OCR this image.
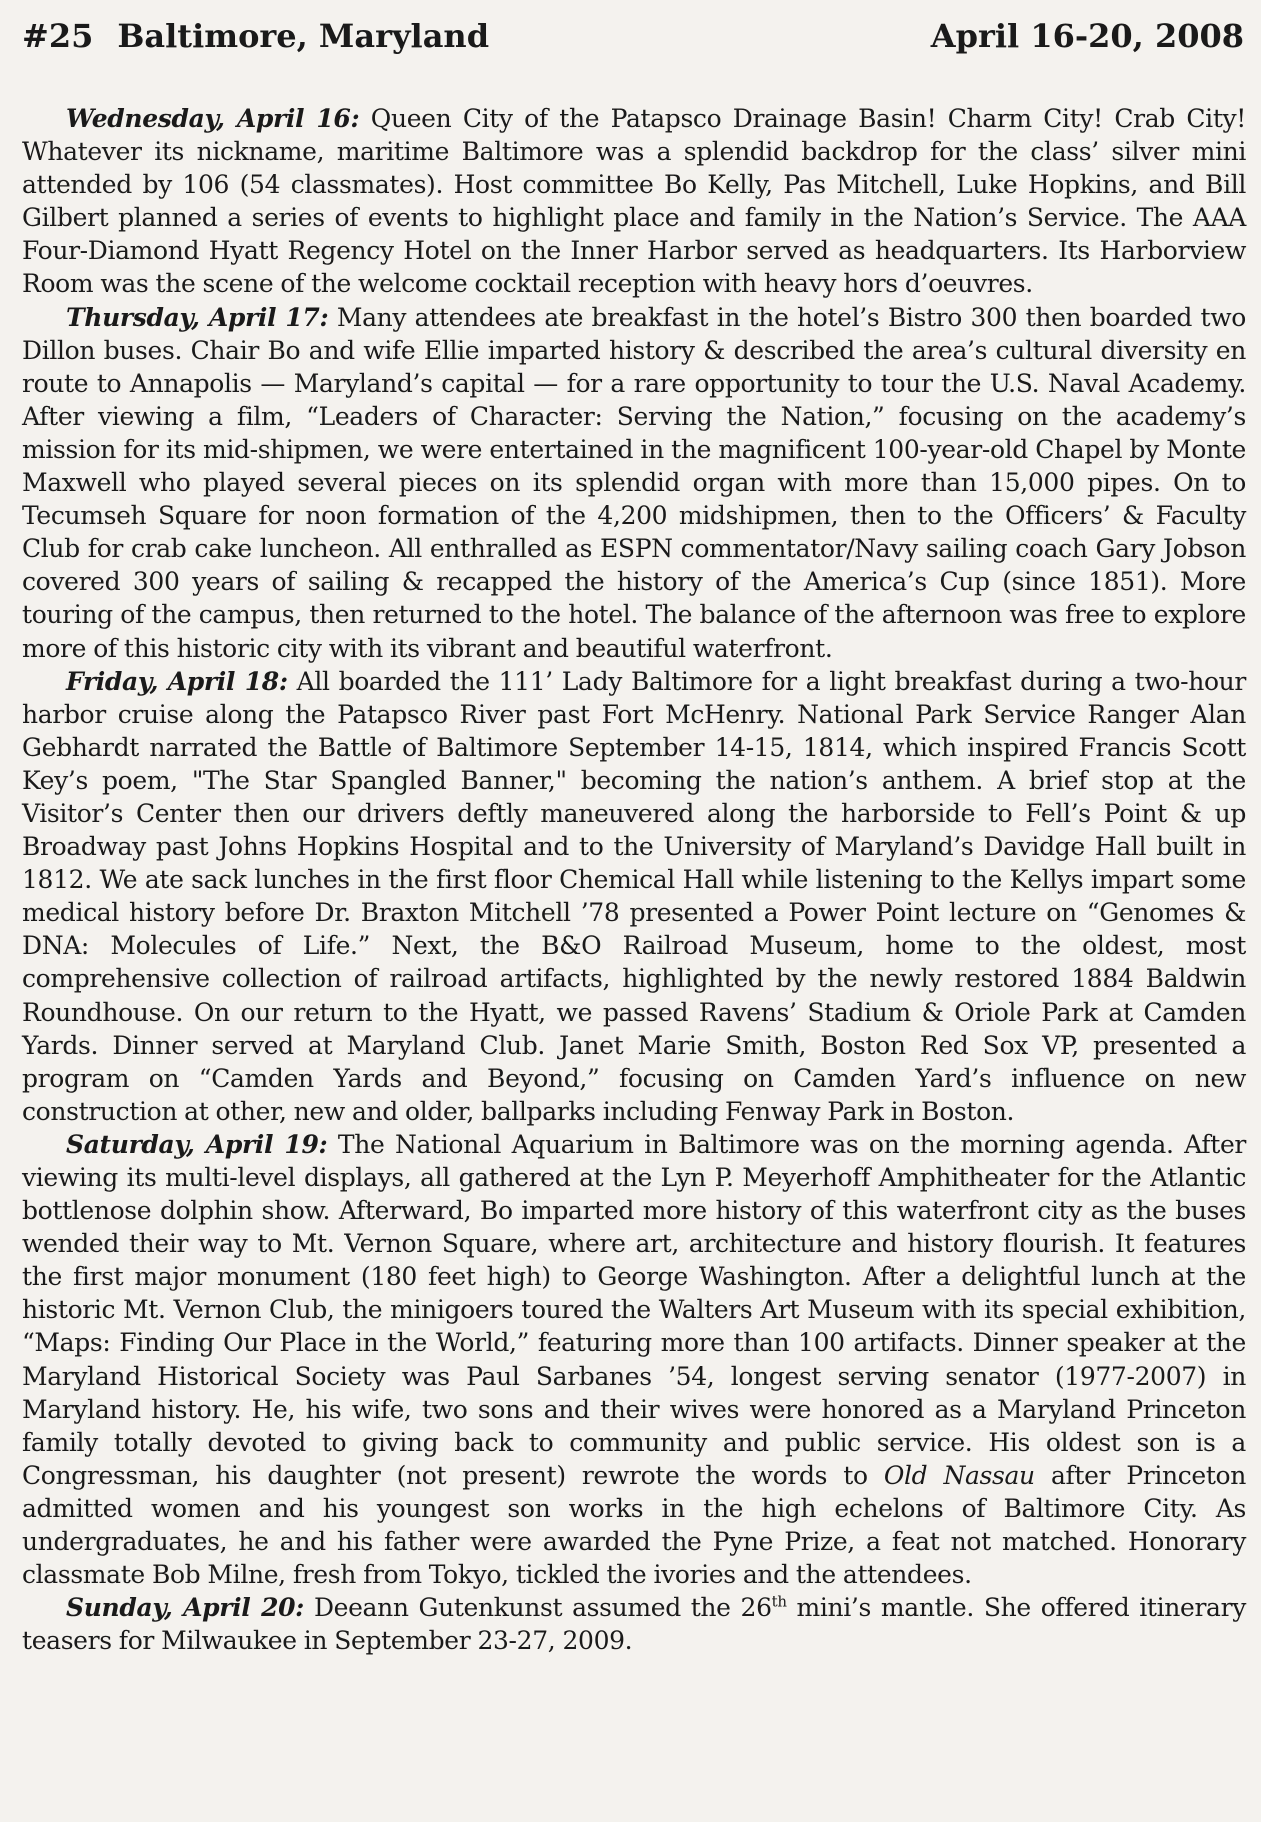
#25 Baltimore, Maryland	April 16-20, 2008

Wednesday, April 16: Queen City of the Patapsco Drainage Basin! Charm City! Crab City! Whatever its nickname, maritime Baltimore was a splendid backdrop for the class’ silver mini attended by 106 (54 classmates). Host committee Bo Kelly, Pas Mitchell, Luke Hopkins, and Bill Gilbert planned a series of events to highlight place and family in the Nation’s Service. The AAA Four-Diamond Hyatt Regency Hotel on the Inner Harbor served as headquarters. Its Harborview Room was the scene of the welcome cocktail reception with heavy hors d’oeuvres.

Thursday, April 17: Many attendees ate breakfast in the hotel’s Bistro 300 then boarded two Dillon buses. Chair Bo and wife Ellie imparted history & described the area’s cultural diversity en route to Annapolis — Maryland’s capital — for a rare opportunity to tour the U.S. Naval Academy. After viewing a film, “Leaders of Character: Serving the Nation,” focusing on the academy’s mission for its mid-shipmen, we were entertained in the magnificent 100-year-old Chapel by Monte Maxwell who played several pieces on its splendid organ with more than 15,000 pipes. On to Tecumseh Square for noon formation of the 4,200 midshipmen, then to the Officers’ & Faculty Club for crab cake luncheon. All enthralled as ESPN commentator/Navy sailing coach Gary Jobson covered 300 years of sailing & recapped the history of the America’s Cup (since 1851). More touring of the campus, then returned to the hotel. The balance of the afternoon was free to explore more of this historic city with its vibrant and beautiful waterfront.

Friday, April 18: All boarded the 111’ Lady Baltimore for a light breakfast during a two-hour harbor cruise along the Patapsco River past Fort McHenry. National Park Service Ranger Alan Gebhardt narrated the Battle of Baltimore September 14-15, 1814, which inspired Francis Scott Key’s poem, "The Star Spangled Banner," becoming the nation’s anthem. A brief stop at the Visitor’s Center then our drivers deftly maneuvered along the harborside to Fell’s Point & up Broadway past Johns Hopkins Hospital and to the University of Maryland’s Davidge Hall built in 1812. We ate sack lunches in the first floor Chemical Hall while listening to the Kellys impart some medical history before Dr. Braxton Mitchell ’78 presented a Power Point lecture on “Genomes & DNA: Molecules of Life.” Next, the B&O Railroad Museum, home to the oldest, most comprehensive collection of railroad artifacts, highlighted by the newly restored 1884 Baldwin Roundhouse. On our return to the Hyatt, we passed Ravens’ Stadium & Oriole Park at Camden Yards. Dinner served at Maryland Club. Janet Marie Smith, Boston Red Sox VP, presented a program on “Camden Yards and Beyond,” focusing on Camden Yard’s influence on new construction at other, new and older, ballparks including Fenway Park in Boston.

Saturday, April 19: The National Aquarium in Baltimore was on the morning agenda. After viewing its multi-level displays, all gathered at the Lyn P. Meyerhoff Amphitheater for the Atlantic bottlenose dolphin show. Afterward, Bo imparted more history of this waterfront city as the buses wended their way to Mt. Vernon Square, where art, architecture and history flourish. It features the first major monument (180 feet high) to George Washington. After a delightful lunch at the historic Mt. Vernon Club, the minigoers toured the Walters Art Museum with its special exhibition, “Maps: Finding Our Place in the World,” featuring more than 100 artifacts. Dinner speaker at the Maryland Historical Society was Paul Sarbanes ’54, longest serving senator (1977-2007) in Maryland history. He, his wife, two sons and their wives were honored as a Maryland Princeton family totally devoted to giving back to community and public service. His oldest son is a Congressman, his daughter (not present) rewrote the words to Old Nassau after Princeton admitted women and his youngest son works in the high echelons of Baltimore City. As undergraduates, he and his father were awarded the Pyne Prize, a feat not matched. Honorary classmate Bob Milne, fresh from Tokyo, tickled the ivories and the attendees.

Sunday, April 20: Deeann Gutenkunst assumed the 26th mini’s mantle. She offered itinerary teasers for Milwaukee in September 23-27, 2009.
